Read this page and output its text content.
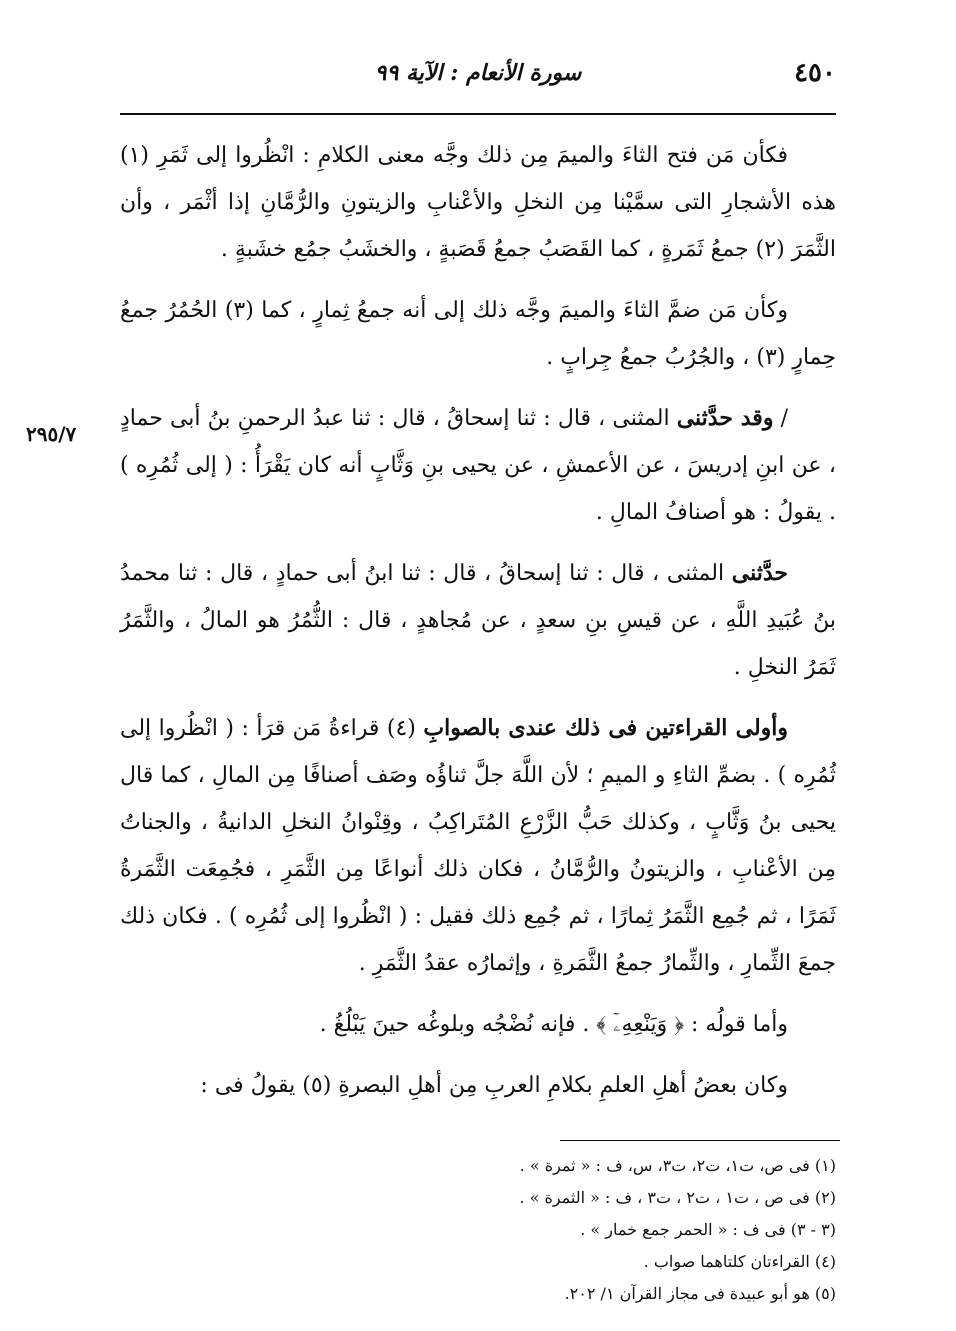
٤٥٠
سورة الأنعام : الآية ٩٩
٢٩٥/٧

فكأن مَن فتح الثاءَ والميمَ مِن ذلك وجَّه معنى الكلامِ : انْظُروا إلى ثَمَرِ (١) هذه الأشجارِ التى سمَّيْنا مِن النخلِ والأعْنابِ والزيتونِ والرُّمَّانِ إذا أثْمَر ، وأن الثَّمَرَ (٢) جمعُ ثَمَرةٍ ، كما القَصَبُ جمعُ قَصَبةٍ ، والخشَبُ جمُع خشَبةٍ .

وكأن مَن ضمَّ الثاءَ والميمَ وجَّه ذلك إلى أنه جمعُ ثِمارٍ ، كما (٣) الحُمُرُ جمعُ حِمارٍ (٣) ، والجُرُبُ جمعُ جِرابٍ .

/ وقد حدَّثنى المثنى ، قال : ثنا إسحاقُ ، قال : ثنا عبدُ الرحمنِ بنُ أبى حمادٍ ، عن ابنِ إدريسَ ، عن الأعمشِ ، عن يحيى بنِ وَثَّابٍ أنه كان يَقْرَأُ : ( إلى ثُمُرِه ) . يقولُ : هو أصنافُ المالِ .

حدَّثنى المثنى ، قال : ثنا إسحاقُ ، قال : ثنا ابنُ أبى حمادٍ ، قال : ثنا محمدُ بنُ عُبَيدِ اللَّهِ ، عن قيسِ بنِ سعدٍ ، عن مُجاهدٍ ، قال : الثُّمُرُ هو المالُ ، والثَّمَرُ ثَمَرُ النخلِ .

وأولى القراءتين فى ذلك عندى بالصوابِ (٤) قراءةُ مَن قرَأ : ( انْظُروا إلى ثُمُرِه ) . بضمِّ الثاءِ و الميمِ ؛ لأن اللَّهَ جلَّ ثناؤُه وصَف أصنافًا مِن المالِ ، كما قال يحيى بنُ وَثَّابٍ ، وكذلك حَبُّ الزَّرْعِ المُتَراكِبُ ، وقِنْوانُ النخلِ الدانيةُ ، والجناتُ مِن الأعْنابِ ، والزيتونُ والرُّمَّانُ ، فكان ذلك أنواعًا مِن الثَّمَرِ ، فجُمِعَت الثَّمَرةُ ثَمَرًا ، ثم جُمِع الثَّمَرُ ثِمارًا ، ثم جُمِع ذلك فقيل : ( انْظُروا إلى ثُمُرِه ) . فكان ذلك جمعَ الثِّمارِ ، والثِّمارُ جمعُ الثَّمَرةِ ، وإثمارُه عقدُ الثَّمَرِ .

وأما قولُه : ﴿ وَيَنْعِهِۦٓ ﴾ . فإنه نُضْجُه وبلوغُه حينَ يَبْلُغُ .

وكان بعضُ أهلِ العلمِ بكلامِ العربِ مِن أهلِ البصرةِ (٥) يقولُ فى :

(١) فى ص، ت١، ت٢، ت٣، س، ف : « ثمرة » .

(٢) فى ص ، ت١ ، ت٢ ، ت٣ ، ف : « الثمرة » .

(٣ - ٣) فى ف : « الحمر جمع خمار » .

(٤) القراءتان كلتاهما صواب .

(٥) هو أبو عبيدة فى مجاز القرآن ١/ ٢٠٢.
